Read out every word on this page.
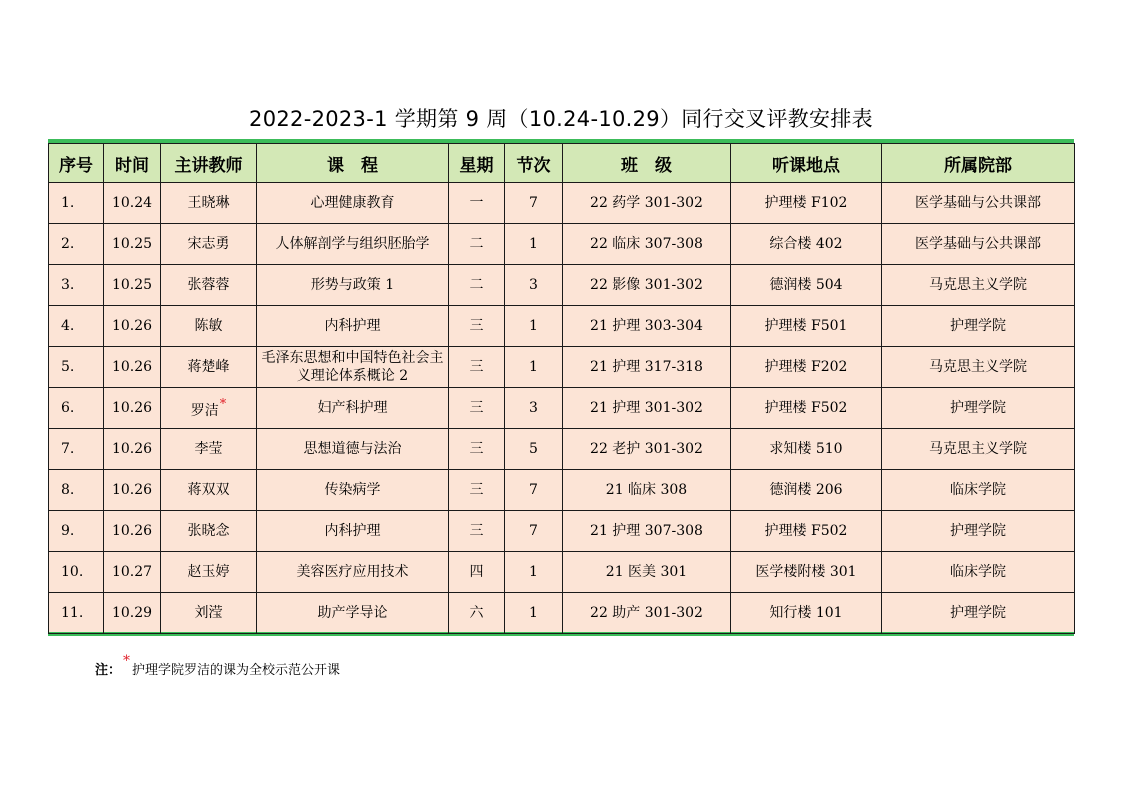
2022-2023-1 学期第 9 周（10.24-10.29）同行交叉评教安排表
序号	时间	主讲教师	课　程	星期	节次	班　级	听课地点	所属院部
1.	10.24	王晓琳	心理健康教育	一	7	22 药学 301-302	护理楼 F102	医学基础与公共课部
2.	10.25	宋志勇	人体解剖学与组织胚胎学	二	1	22 临床 307-308	综合楼 402	医学基础与公共课部
3.	10.25	张蓉蓉	形势与政策 1	二	3	22 影像 301-302	德润楼 504	马克思主义学院
4.	10.26	陈敏	内科护理	三	1	21 护理 303-304	护理楼 F501	护理学院
5.	10.26	蒋楚峰	毛泽东思想和中国特色社会主义理论体系概论 2	三	1	21 护理 317-318	护理楼 F202	马克思主义学院
6.	10.26	罗洁*	妇产科护理	三	3	21 护理 301-302	护理楼 F502	护理学院
7.	10.26	李莹	思想道德与法治	三	5	22 老护 301-302	求知楼 510	马克思主义学院
8.	10.26	蒋双双	传染病学	三	7	21 临床 308	德润楼 206	临床学院
9.	10.26	张晓念	内科护理	三	7	21 护理 307-308	护理楼 F502	护理学院
10.	10.27	赵玉婷	美容医疗应用技术	四	1	21 医美 301	医学楼附楼 301	临床学院
11.	10.29	刘滢	助产学导论	六	1	22 助产 301-302	知行楼 101	护理学院
注：*护理学院罗洁的课为全校示范公开课
